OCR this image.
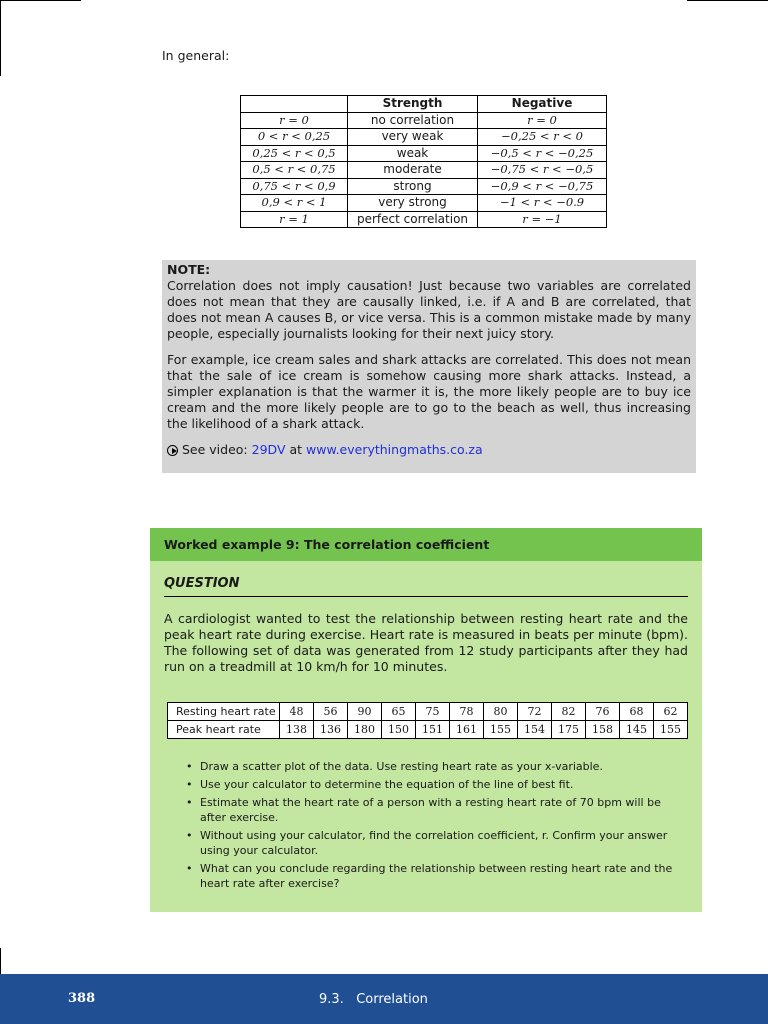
In general:
	Strength	Negative
r = 0	no correlation	r = 0
0 < r < 0,25	very weak	−0,25 < r < 0
0,25 < r < 0,5	weak	−0,5 < r < −0,25
0,5 < r < 0,75	moderate	−0,75 < r < −0,5
0,75 < r < 0,9	strong	−0,9 < r < −0,75
0,9 < r < 1	very strong	−1 < r < −0.9
r = 1	perfect correlation	r = −1
NOTE:

Correlation does not imply causation! Just because two variables are correlated does not mean that they are causally linked, i.e. if A and B are correlated, that does not mean A causes B, or vice versa. This is a common mistake made by many people, especially journalists looking for their next juicy story.

For example, ice cream sales and shark attacks are correlated. This does not mean that the sale of ice cream is somehow causing more shark attacks. Instead, a simpler explanation is that the warmer it is, the more likely people are to buy ice cream and the more likely people are to go to the beach as well, thus increasing the likelihood of a shark attack.

See video: 29DV at www.everythingmaths.co.za

Worked example 9: The correlation coefficient
QUESTION
A cardiologist wanted to test the relationship between resting heart rate and the peak heart rate during exercise. Heart rate is measured in beats per minute (bpm). The following set of data was generated from 12 study participants after they had run on a treadmill at 10 km/h for 10 minutes.
Resting heart rate	48	56	90	65	75	78	80	72	82	76	68	62
Peak heart rate	138	136	180	150	151	161	155	154	175	158	145	155
• Draw a scatter plot of the data. Use resting heart rate as your x-variable.
• Use your calculator to determine the equation of the line of best fit.
• Estimate what the heart rate of a person with a resting heart rate of 70 bpm will be after exercise.
• Without using your calculator, find the correlation coefficient, r. Confirm your answer using your calculator.
• What can you conclude regarding the relationship between resting heart rate and the heart rate after exercise?
388	9.3.   Correlation
